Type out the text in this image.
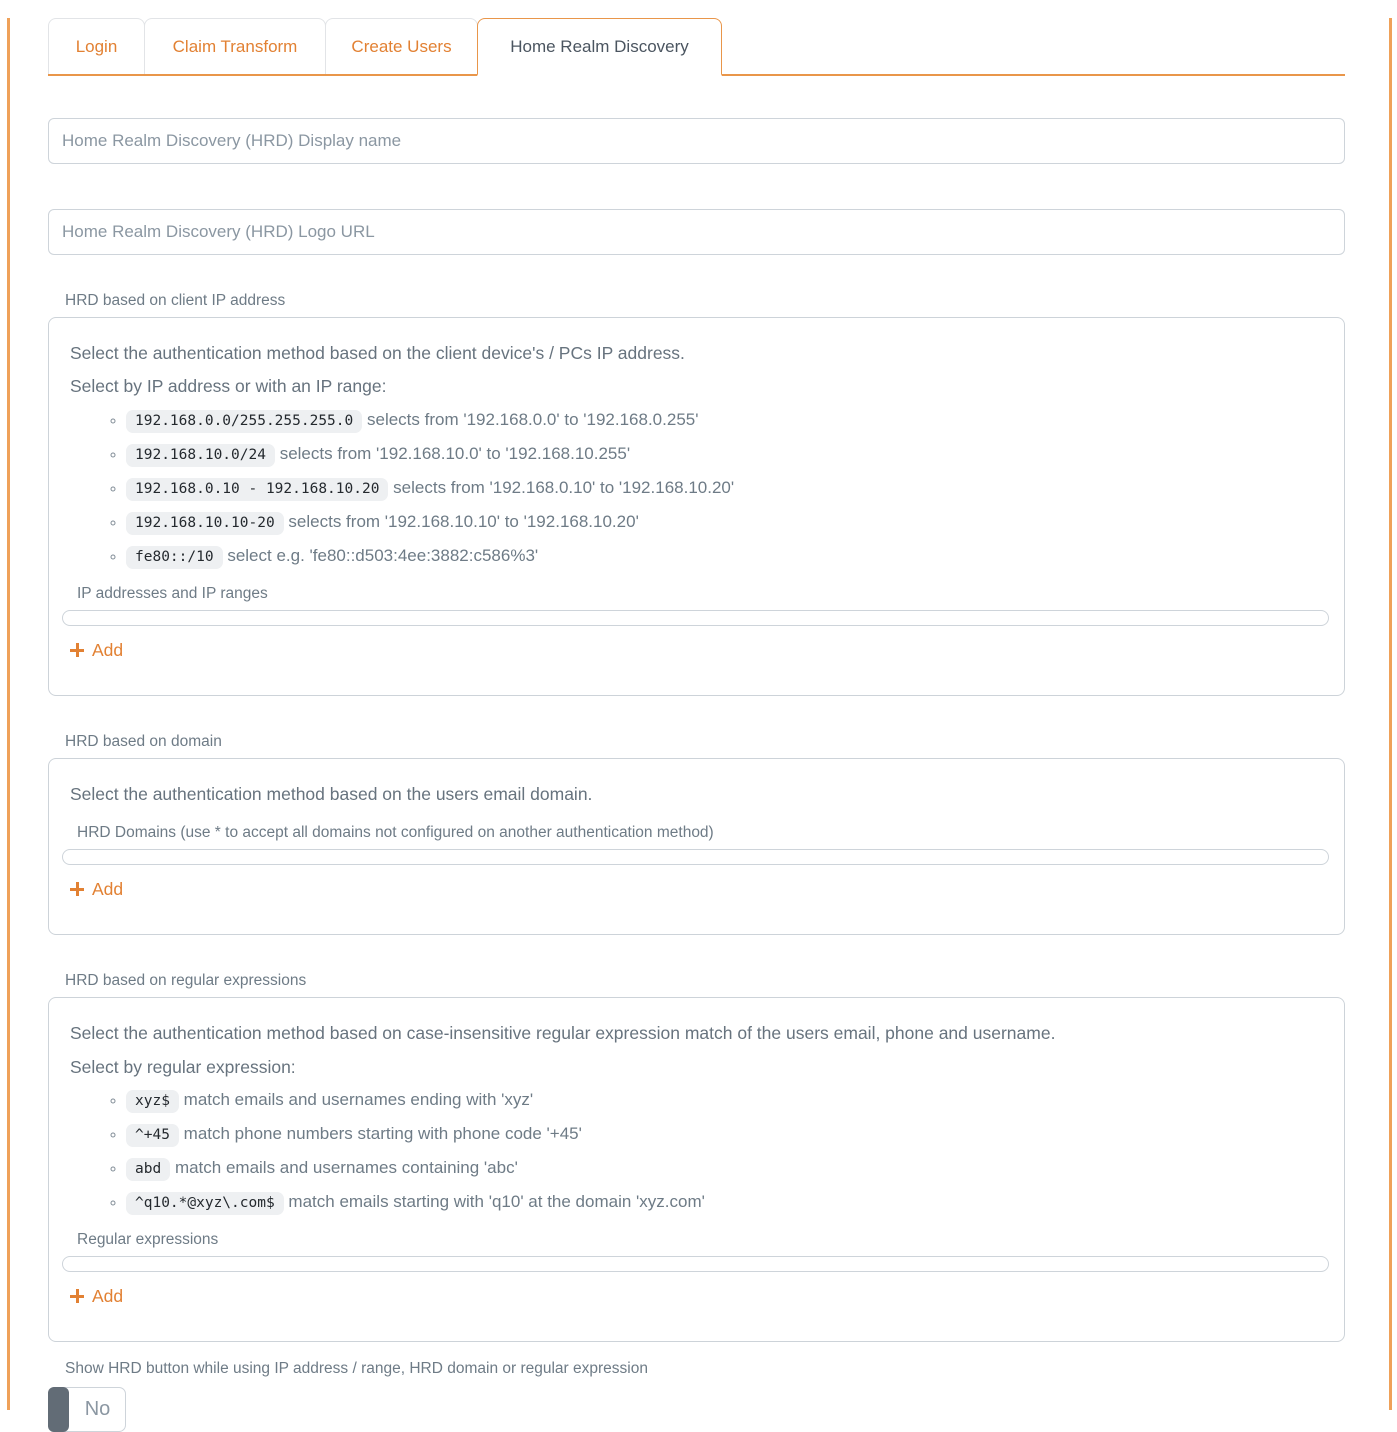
Login	Claim Transform	Create Users	Home Realm Discovery
Home Realm Discovery (HRD) Display name
Home Realm Discovery (HRD) Logo URL
HRD based on client IP address

Select the authentication method based on the client device's / PCs IP address.

Select by IP address or with an IP range:

◦ 192.168.0.0/255.255.255.0 selects from '192.168.0.0' to '192.168.0.255'
◦ 192.168.10.0/24 selects from '192.168.10.0' to '192.168.10.255'
◦ 192.168.0.10 - 192.168.10.20 selects from '192.168.0.10' to '192.168.10.20'
◦ 192.168.10.10-20 selects from '192.168.10.10' to '192.168.10.20'
◦ fe80::/10 select e.g. 'fe80::d503:4ee:3882:c586%3'
IP addresses and IP ranges
Add
HRD based on domain

Select the authentication method based on the users email domain.

HRD Domains (use * to accept all domains not configured on another authentication method)
Add
HRD based on regular expressions

Select the authentication method based on case-insensitive regular expression match of the users email, phone and username.

Select by regular expression:

◦ xyz$ match emails and usernames ending with 'xyz'
◦ ^+45 match phone numbers starting with phone code '+45'
◦ abd match emails and usernames containing 'abc'
◦ ^q10.*@xyz\.com$ match emails starting with 'q10' at the domain 'xyz.com'
Regular expressions
Add
Show HRD button while using IP address / range, HRD domain or regular expression
No
